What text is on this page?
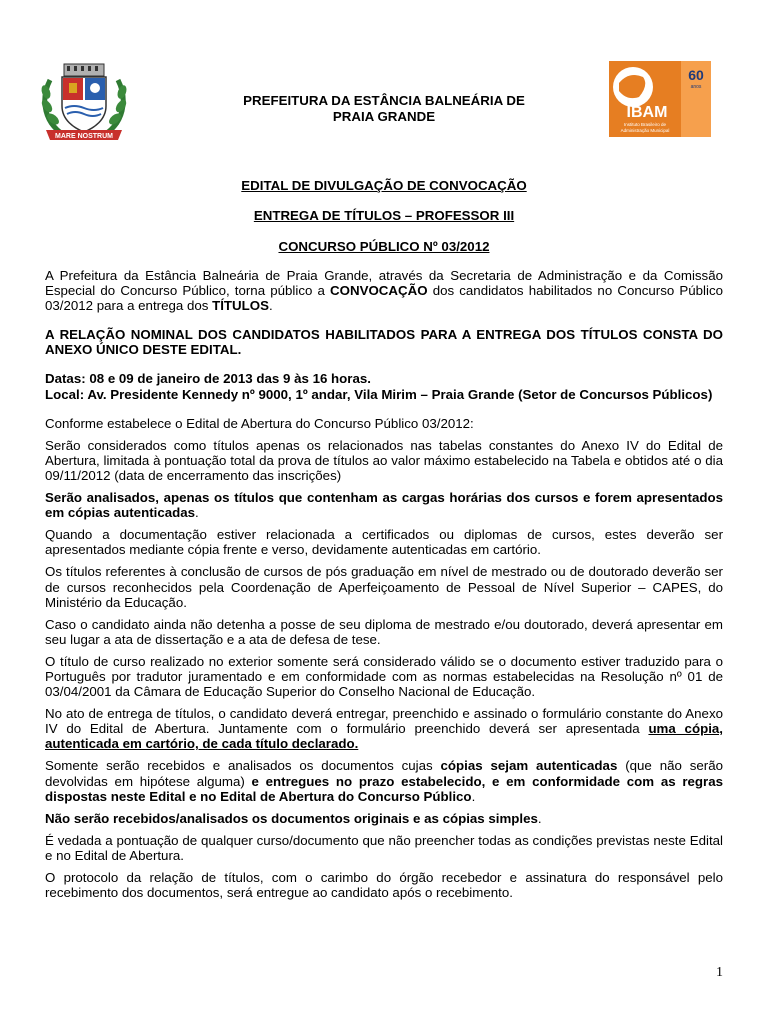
MARE NOSTRUM
IBAM
Instituto Brasileiro de
Administração Municipal
60
anos
PREFEITURA DA ESTÂNCIA BALNEÁRIA DE
PRAIA GRANDE
EDITAL DE DIVULGAÇÃO DE CONVOCAÇÃO
ENTREGA DE TÍTULOS – PROFESSOR III
CONCURSO PÚBLICO Nº 03/2012

A Prefeitura da Estância Balneária de Praia Grande, através da Secretaria de Administração e da Comissão Especial do Concurso Público, torna público a CONVOCAÇÃO dos candidatos habilitados no Concurso Público 03/2012 para a entrega dos TÍTULOS.

A RELAÇÃO NOMINAL DOS CANDIDATOS HABILITADOS PARA A ENTREGA DOS TÍTULOS CONSTA DO ANEXO ÚNICO DESTE EDITAL.

Datas: 08 e 09 de janeiro de 2013 das 9 às 16 horas.

Local: Av. Presidente Kennedy nº 9000, 1º andar, Vila Mirim – Praia Grande (Setor de Concursos Públicos)

Conforme estabelece o Edital de Abertura do Concurso Público 03/2012:

Serão considerados como títulos apenas os relacionados nas tabelas constantes do Anexo IV do Edital de Abertura, limitada à pontuação total da prova de títulos ao valor máximo estabelecido na Tabela e obtidos até o dia 09/11/2012 (data de encerramento das inscrições)

Serão analisados, apenas os títulos que contenham as cargas horárias dos cursos e forem apresentados em cópias autenticadas.

Quando a documentação estiver relacionada a certificados ou diplomas de cursos, estes deverão ser apresentados mediante cópia frente e verso, devidamente autenticadas em cartório.

Os títulos referentes à conclusão de cursos de pós graduação em nível de mestrado ou de doutorado deverão ser de cursos reconhecidos pela Coordenação de Aperfeiçoamento de Pessoal de Nível Superior – CAPES, do Ministério da Educação.

Caso o candidato ainda não detenha a posse de seu diploma de mestrado e/ou doutorado, deverá apresentar em seu lugar a ata de dissertação e a ata de defesa de tese.

O título de curso realizado no exterior somente será considerado válido se o documento estiver traduzido para o Português por tradutor juramentado e em conformidade com as normas estabelecidas na Resolução nº 01 de 03/04/2001 da Câmara de Educação Superior do Conselho Nacional de Educação.

No ato de entrega de títulos, o candidato deverá entregar, preenchido e assinado o formulário constante do Anexo IV do Edital de Abertura. Juntamente com o formulário preenchido deverá ser apresentada uma cópia, autenticada em cartório, de cada título declarado.

Somente serão recebidos e analisados os documentos cujas cópias sejam autenticadas (que não serão devolvidas em hipótese alguma) e entregues no prazo estabelecido, e em conformidade com as regras dispostas neste Edital e no Edital de Abertura do Concurso Público.

Não serão recebidos/analisados os documentos originais e as cópias simples.

É vedada a pontuação de qualquer curso/documento que não preencher todas as condições previstas neste Edital e no Edital de Abertura.

O protocolo da relação de títulos, com o carimbo do órgão recebedor e assinatura do responsável pelo recebimento dos documentos, será entregue ao candidato após o recebimento.

1
